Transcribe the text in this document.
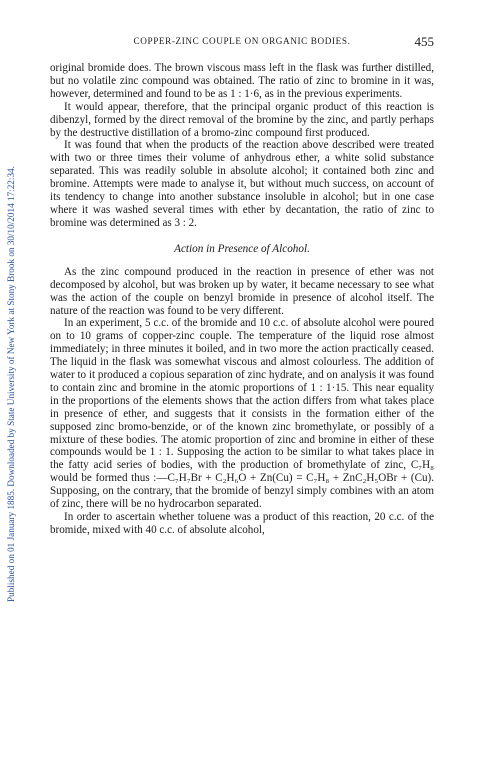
Published on 01 January 1885. Downloaded by State University of New York at Stony Brook on 30/10/2014 17:22:34.
COPPER-ZINC COUPLE ON ORGANIC BODIES.	455

original bromide does. The brown viscous mass left in the flask was further distilled, but no volatile zinc compound was obtained. The ratio of zinc to bromine in it was, however, determined and found to be as 1 : 1·6, as in the previous experiments.

It would appear, therefore, that the principal organic product of this reaction is dibenzyl, formed by the direct removal of the bromine by the zinc, and partly perhaps by the destructive distillation of a bromo-zinc compound first produced.

It was found that when the products of the reaction above described were treated with two or three times their volume of anhydrous ether, a white solid substance separated. This was readily soluble in absolute alcohol; it contained both zinc and bromine. Attempts were made to analyse it, but without much success, on account of its tendency to change into another substance insoluble in alcohol; but in one case where it was washed several times with ether by decantation, the ratio of zinc to bromine was determined as 3 : 2.

Action in Presence of Alcohol.

As the zinc compound produced in the reaction in presence of ether was not decomposed by alcohol, but was broken up by water, it became necessary to see what was the action of the couple on benzyl bromide in presence of alcohol itself. The nature of the reaction was found to be very different.

In an experiment, 5 c.c. of the bromide and 10 c.c. of absolute alcohol were poured on to 10 grams of copper-zinc couple. The temperature of the liquid rose almost immediately; in three minutes it boiled, and in two more the action practically ceased. The liquid in the flask was somewhat viscous and almost colourless. The addition of water to it produced a copious separation of zinc hydrate, and on analysis it was found to contain zinc and bromine in the atomic proportions of 1 : 1·15. This near equality in the proportions of the elements shows that the action differs from what takes place in presence of ether, and suggests that it consists in the formation either of the supposed zinc bromo-benzide, or of the known zinc bromethylate, or possibly of a mixture of these bodies. The atomic proportion of zinc and bromine in either of these compounds would be 1 : 1. Supposing the action to be similar to what takes place in the fatty acid series of bodies, with the production of bromethylate of zinc, C₇H₈ would be formed thus :—C₇H₇Br + C₂H₆O + Zn(Cu) = C₇H₈ + ZnC₂H₅OBr + (Cu). Supposing, on the contrary, that the bromide of benzyl simply combines with an atom of zinc, there will be no hydrocarbon separated.

In order to ascertain whether toluene was a product of this reaction, 20 c.c. of the bromide, mixed with 40 c.c. of absolute alcohol,
